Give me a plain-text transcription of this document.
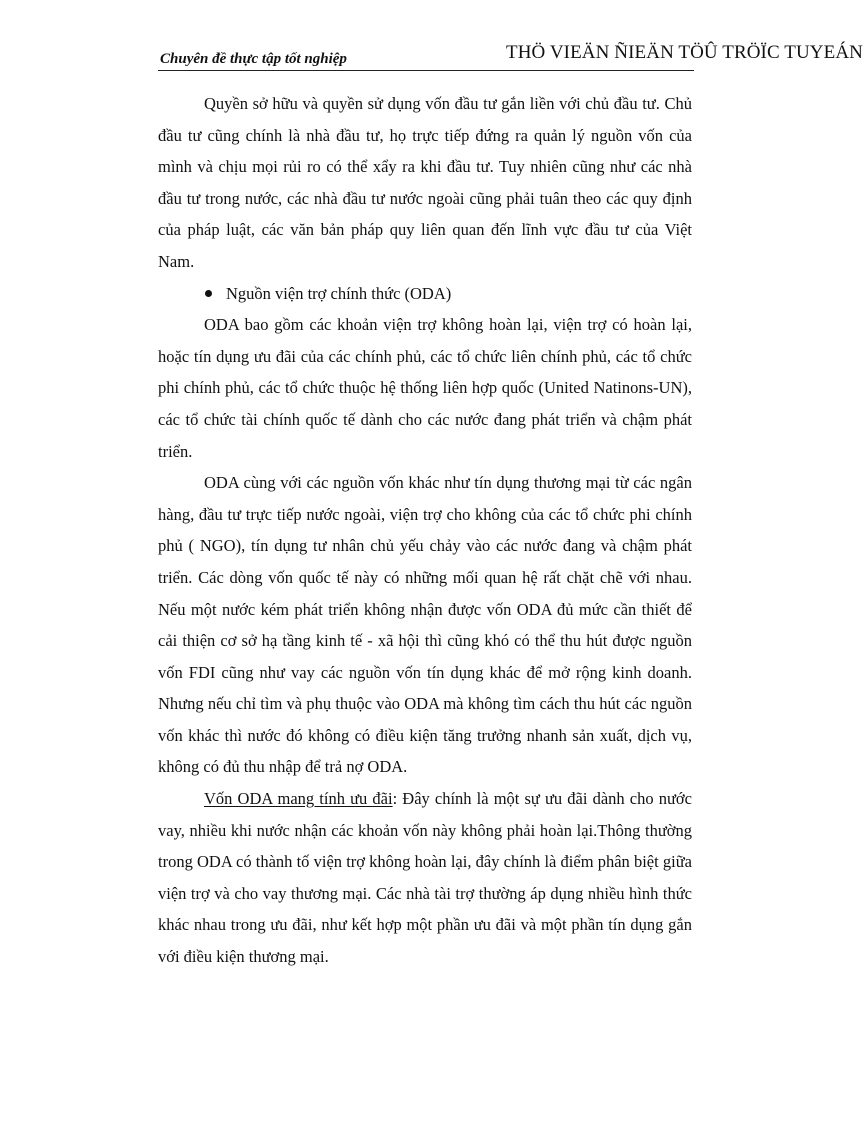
Chuyên đề thực tập tốt nghiệp	THÖ VIEÄN ÑIEÄN TÖÛ TRÖÏC TUYEÁN

Quyền sở hữu và quyền sử dụng vốn đầu tư gắn liền với chủ đầu tư. Chủ đầu tư cũng chính là nhà đầu tư, họ trực tiếp đứng ra quản lý nguồn vốn của mình và chịu mọi rủi ro có thể xẩy ra khi đầu tư. Tuy nhiên cũng như các nhà đầu tư trong nước, các nhà đầu tư nước ngoài cũng phải tuân theo các quy định của pháp luật, các văn bản pháp quy liên quan đến lĩnh vực đầu tư của Việt Nam.

Nguồn viện trợ chính thức (ODA)

ODA bao gồm các khoản viện trợ không hoàn lại, viện trợ có hoàn lại, hoặc tín dụng ưu đãi của các chính phủ, các tổ chức liên chính phủ, các tổ chức phi chính phủ, các tổ chức thuộc hệ thống liên hợp quốc (United Natinons-UN), các tổ chức tài chính quốc tế dành cho các nước đang phát triển và chậm phát triển.

ODA cùng với các nguồn vốn khác như tín dụng thương mại từ các ngân hàng, đầu tư trực tiếp nước ngoài, viện trợ cho không của các tổ chức phi chính phủ ( NGO), tín dụng tư nhân chủ yếu chảy vào các nước đang và chậm phát triển. Các dòng vốn quốc tế này có những mối quan hệ rất chặt chẽ với nhau. Nếu một nước kém phát triển không nhận được vốn ODA đủ mức cần thiết để cải thiện cơ sở hạ tầng kinh tế - xã hội thì cũng khó có thể thu hút được nguồn vốn FDI cũng như vay các nguồn vốn tín dụng khác để mở rộng kinh doanh. Nhưng nếu chỉ tìm và phụ thuộc vào ODA mà không tìm cách thu hút các nguồn vốn khác thì nước đó không có điều kiện tăng trưởng nhanh sản xuất, dịch vụ, không có đủ thu nhập để trả nợ ODA.

Vốn ODA mang tính ưu đãi: Đây chính là một sự ưu đãi dành cho nước vay, nhiều khi nước nhận các khoản vốn này không phải hoàn lại.Thông thường trong ODA có thành tố viện trợ không hoàn lại, đây chính là điểm phân biệt giữa viện trợ và cho vay thương mại. Các nhà tài trợ thường áp dụng nhiều hình thức khác nhau trong ưu đãi, như kết hợp một phần ưu đãi và một phần tín dụng gắn với điều kiện thương mại.
